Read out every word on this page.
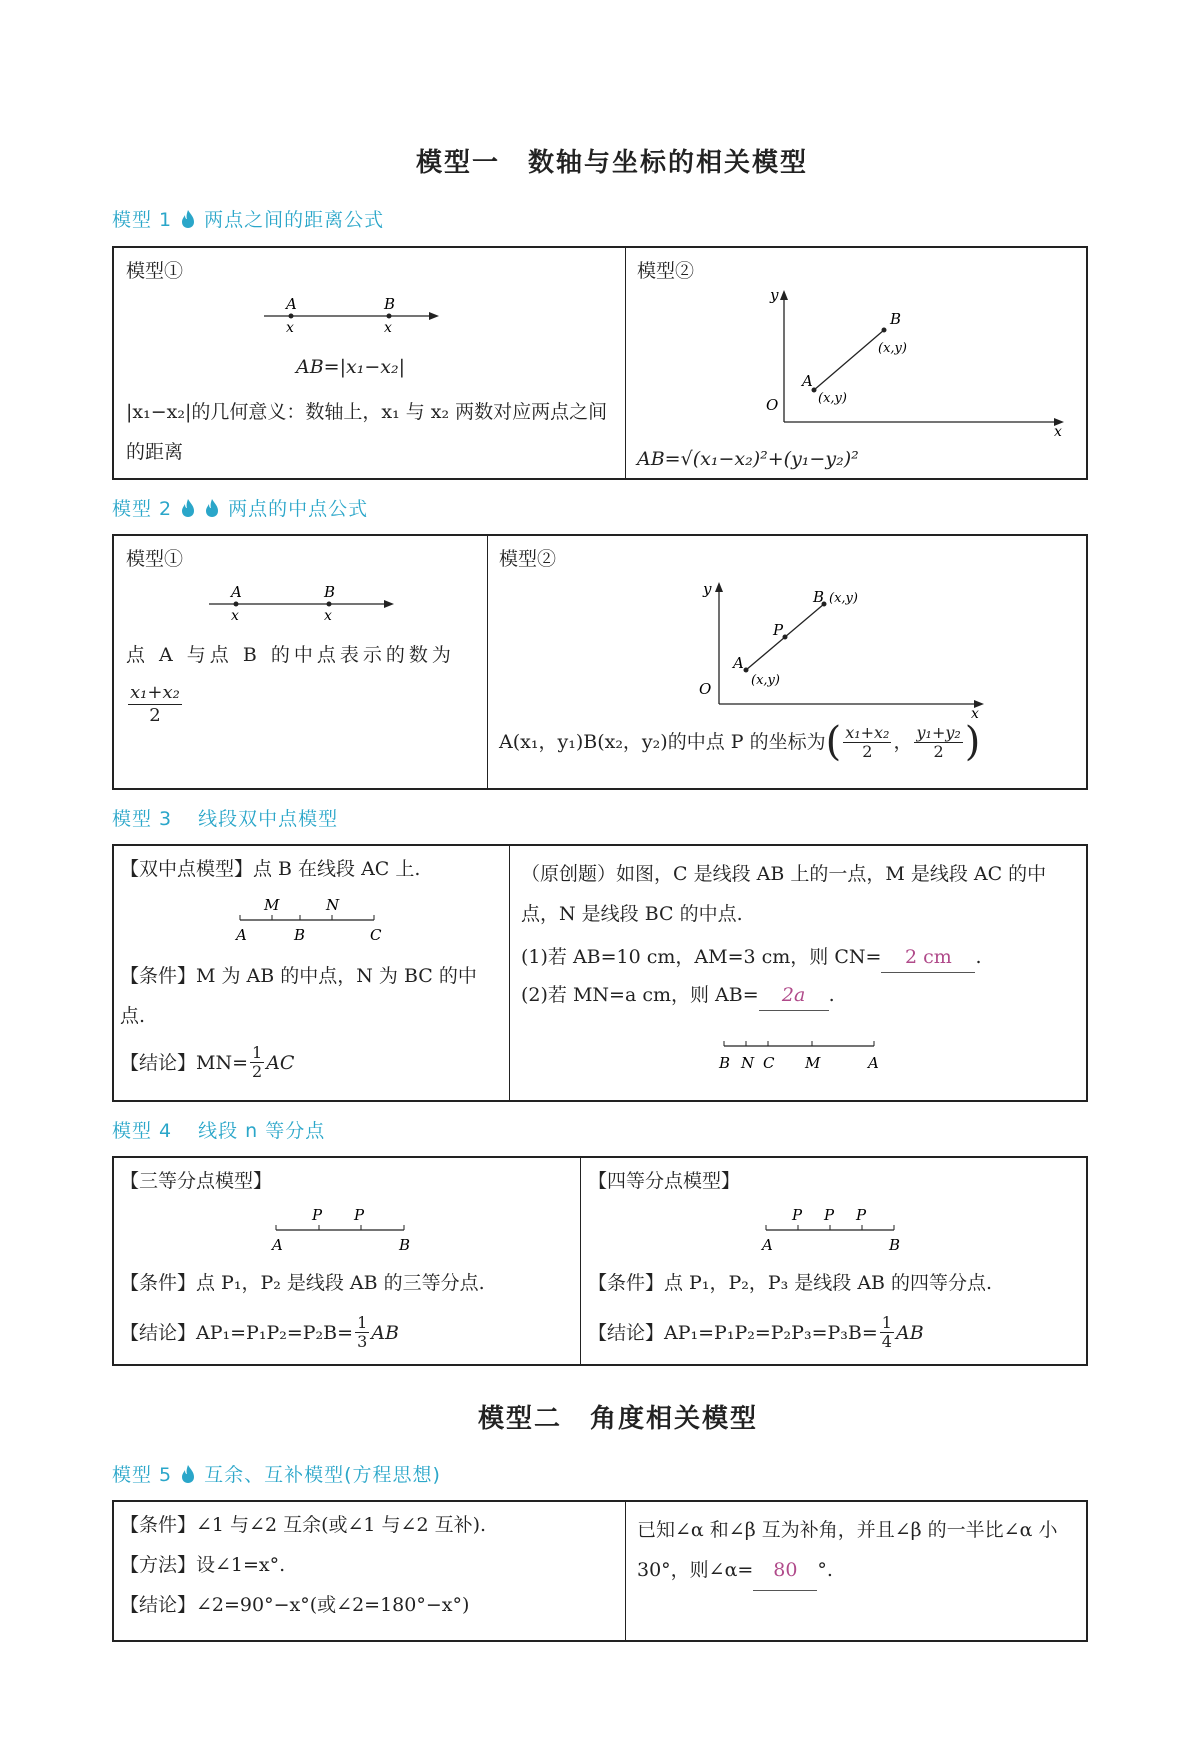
模型一　数轴与坐标的相关模型
模型 1 两点之间的距离公式
模型①
A	B
x	x
AB=|x₁−x₂|
|x₁−x₂|的几何意义：数轴上，x₁ 与 x₂ 两数对应两点之间的距离
模型②
y
x
O
A
B
(x,y)
(x,y)
AB=√(x₁−x₂)²+(y₁−y₂)²
模型 2	两点的中点公式
模型①
A	B
x	x
点 A 与点 B 的中点表示的数为
$\frac{\text{x₁+x₂}}{2}$
模型②
y
x
O
A
P
B
(x,y)
(x,y)
A(x₁，y₁)B(x₂，y₂)的中点 P 的坐标为 ( $\frac{\text{x₁+x₂}}{2}$ ， $\frac{\text{y₁+y₂}}{2}$ )
模型 3 线段双中点模型
【双中点模型】点 B 在线段 AC 上.
M	N
A	B	C
【条件】M 为 AB 的中点，N 为 BC 的中点.
【结论】$MN= \frac{1}{2}$ AC
（原创题）如图，C 是线段 AB 上的一点，M 是线段 AC 的中点，N 是线段 BC 的中点.
(1)若 AB=10 cm，AM=3 cm，则 CN= 2 cm .
(2)若 MN=a cm，则 AB= 2a .
B N C M	A
模型 4 线段 n 等分点
【三等分点模型】
P P
A	B
【条件】点 P₁，P₂ 是线段 AB 的三等分点.
【结论】$AP_1=P_1P_2=P_2B= \frac{1}{3}$ AB
【四等分点模型】
P P P
A	B
【条件】点 P₁，P₂，P₃ 是线段 AB 的四等分点.
【结论】$AP_1=P_1P_2=P_2P_3=P_3B= \frac{1}{4}$ AB
模型二　角度相关模型
模型 5 互余、互补模型(方程思想)
【条件】∠1 与∠2 互余(或∠1 与∠2 互补).
【方法】设∠1=x°.
【结论】∠2=90°−x°(或∠2=180°−x°)
已知∠α 和∠β 互为补角，并且∠β 的一半比∠α 小 30°，则∠α= 80 °.
